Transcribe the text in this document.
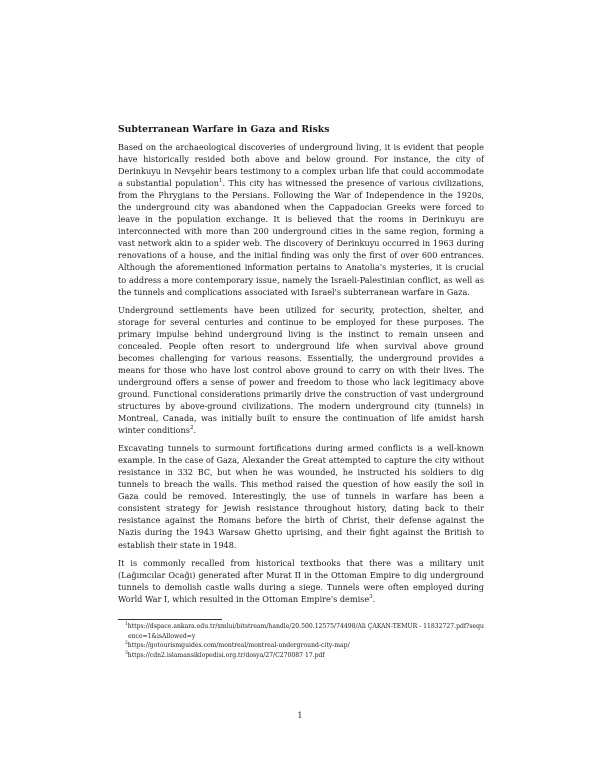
Subterranean Warfare in Gaza and Risks

Based on the archaeological discoveries of underground living, it is evident that people have historically resided both above and below ground. For instance, the city of Derinkuyu in Nevşehir bears testimony to a complex urban life that could accommodate a substantial population$^1$. This city has witnessed the presence of various civilizations, from the Phrygians to the Persians. Following the War of Independence in the 1920s, the underground city was abandoned when the Cappadocian Greeks were forced to leave in the population exchange. It is believed that the rooms in Derinkuyu are interconnected with more than 200 underground cities in the same region, forming a vast network akin to a spider web. The discovery of Derinkuyu occurred in 1963 during renovations of a house, and the initial finding was only the first of over 600 entrances. Although the aforementioned information pertains to Anatolia's mysteries, it is crucial to address a more contemporary issue, namely the Israeli-Palestinian conflict, as well as the tunnels and complications associated with Israel's subterranean warfare in Gaza.

Underground settlements have been utilized for security, protection, shelter, and storage for several centuries and continue to be employed for these purposes. The primary impulse behind underground living is the instinct to remain unseen and concealed. People often resort to underground life when survival above ground becomes challenging for various reasons. Essentially, the underground provides a means for those who have lost control above ground to carry on with their lives. The underground offers a sense of power and freedom to those who lack legitimacy above ground. Functional considerations primarily drive the construction of vast underground structures by above-ground civilizations. The modern underground city (tunnels) in Montreal, Canada, was initially built to ensure the continuation of life amidst harsh winter conditions$^2$.

Excavating tunnels to surmount fortifications during armed conflicts is a well-known example. In the case of Gaza, Alexander the Great attempted to capture the city without resistance in 332 BC, but when he was wounded, he instructed his soldiers to dig tunnels to breach the walls. This method raised the question of how easily the soil in Gaza could be removed. Interestingly, the use of tunnels in warfare has been a consistent strategy for Jewish resistance throughout history, dating back to their resistance against the Romans before the birth of Christ, their defense against the Nazis during the 1943 Warsaw Ghetto uprising, and their fight against the British to establish their state in 1948.

It is commonly recalled from historical textbooks that there was a military unit (Lağımcılar Ocağı) generated after Murat II in the Ottoman Empire to dig underground tunnels to demolish castle walls during a siege. Tunnels were often employed during World War I, which resulted in the Ottoman Empire's demise$^3$.

$^1$https://dspace.ankara.edu.tr/xmlui/bitstream/handle/20.500.12575/74498/Ali ÇAKAN-TEMUR - 11832727.pdf?sequence=1&isAllowed=y

$^2$https://gotourismguides.com/montreal/montreal-underground-city-map/

$^3$https://cdn2.islamansiklopedisi.org.tr/dosya/27/C270087 17.pdf

1
